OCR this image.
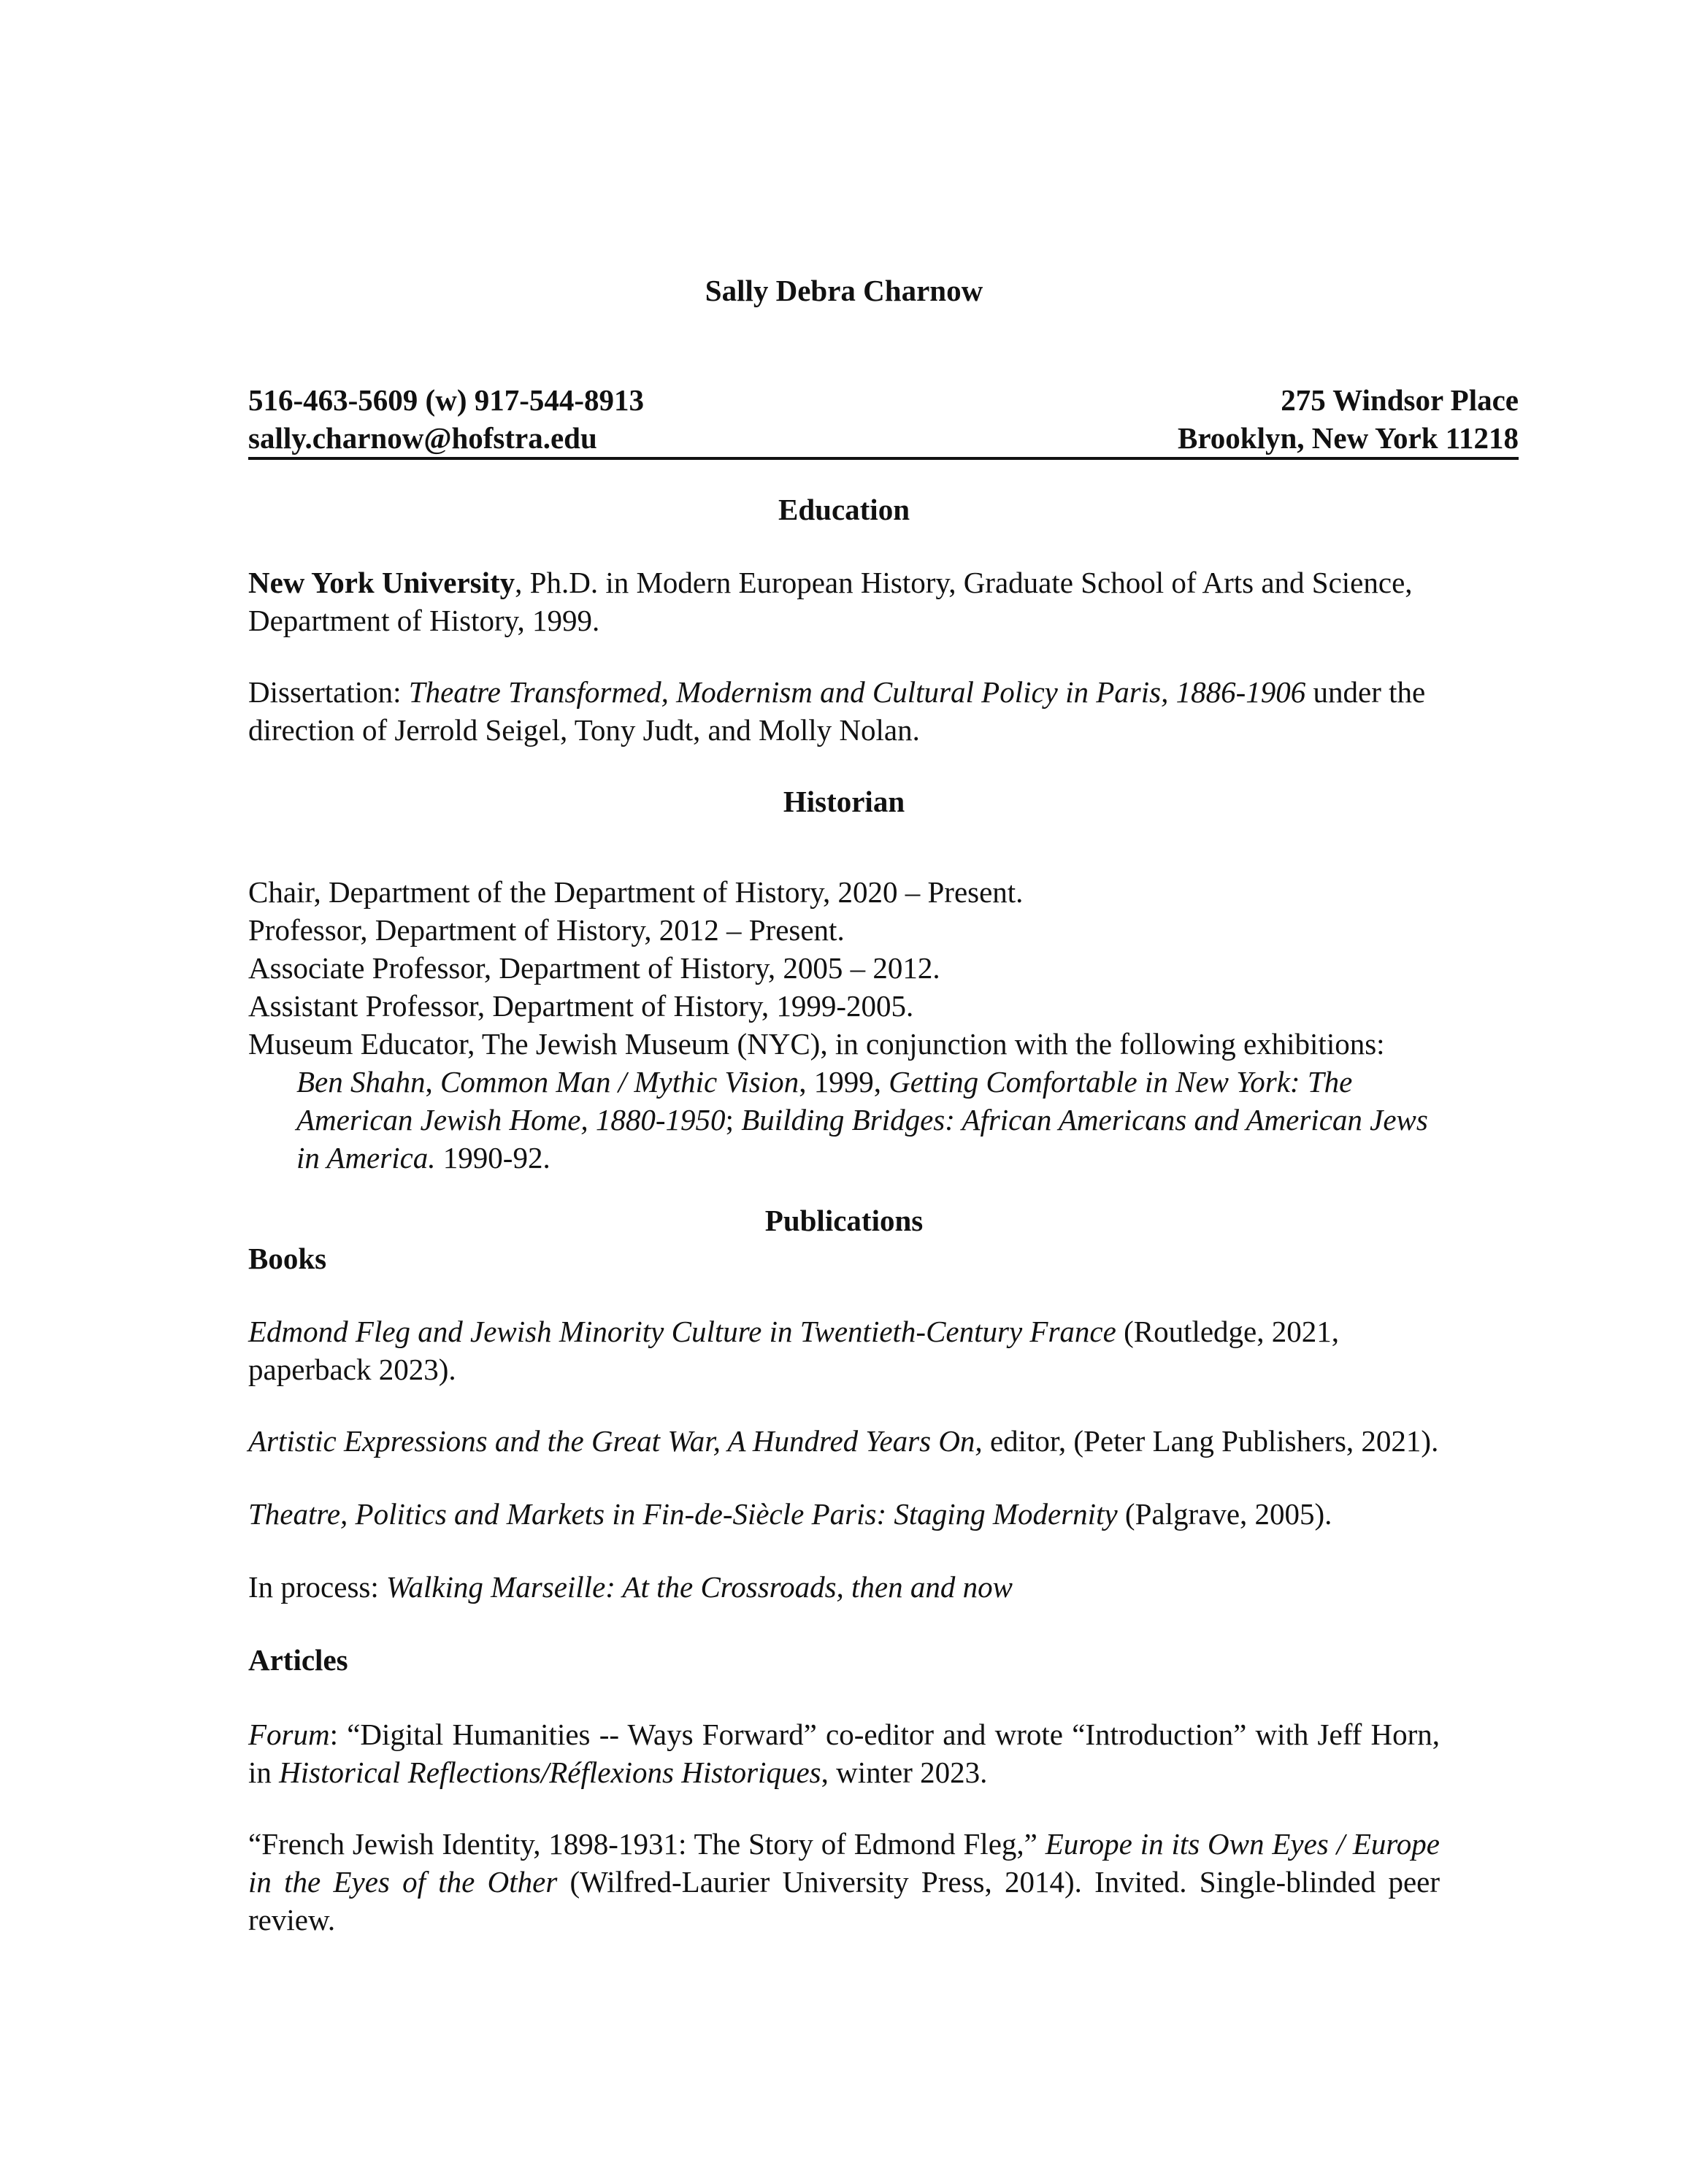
Sally Debra Charnow
516-463-5609 (w) 917-544-8913	275 Windsor Place
sally.charnow@hofstra.edu	Brooklyn, New York 11218
Education

New York University, Ph.D. in Modern European History, Graduate School of Arts and Science, Department of History, 1999.

Dissertation: Theatre Transformed, Modernism and Cultural Policy in Paris, 1886-1906 under the direction of Jerrold Seigel, Tony Judt, and Molly Nolan.

Historian

Chair, Department of the Department of History, 2020 – Present.

Professor, Department of History, 2012 – Present.

Associate Professor, Department of History, 2005 – 2012.

Assistant Professor, Department of History, 1999-2005.

Museum Educator, The Jewish Museum (NYC), in conjunction with the following exhibitions:

Ben Shahn, Common Man / Mythic Vision, 1999, Getting Comfortable in New York: The American Jewish Home, 1880-1950; Building Bridges: African Americans and American Jews in America. 1990-92.

Publications
Books

Edmond Fleg and Jewish Minority Culture in Twentieth-Century France (Routledge, 2021, paperback 2023).

Artistic Expressions and the Great War, A Hundred Years On, editor, (Peter Lang Publishers, 2021).

Theatre, Politics and Markets in Fin-de-Siècle Paris: Staging Modernity (Palgrave, 2005).

In process: Walking Marseille: At the Crossroads, then and now

Articles

Forum: “Digital Humanities -- Ways Forward” co-editor and wrote “Introduction” with Jeff Horn, in Historical Reflections/Réflexions Historiques, winter 2023.

“French Jewish Identity, 1898-1931: The Story of Edmond Fleg,” Europe in its Own Eyes / Europe in the Eyes of the Other (Wilfred-Laurier University Press, 2014). Invited. Single-blinded peer review.
